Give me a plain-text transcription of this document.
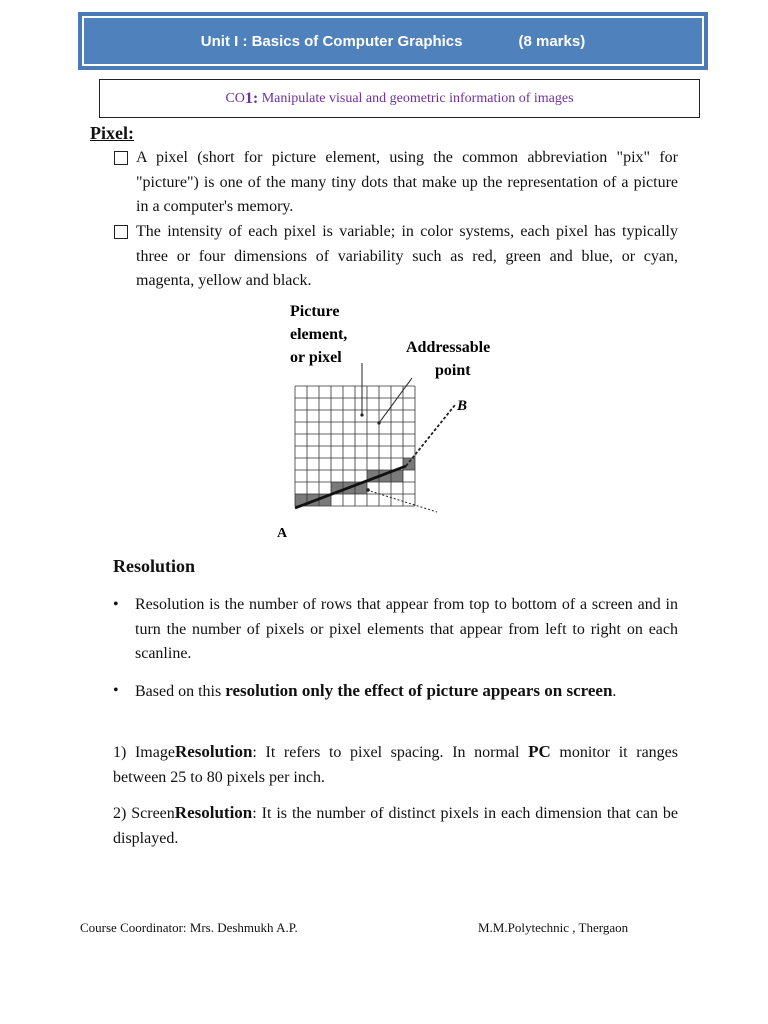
Unit I : Basics of Computer Graphics	(8 marks)
CO 1:
Manipulate visual and geometric information of images
Pixel:
A pixel (short for picture element, using the common abbreviation "pix" for "picture") is one of the many tiny dots that make up the representation of a picture in a computer's memory.
The intensity of each pixel is variable; in color systems, each pixel has typically three or four dimensions of variability such as red, green and blue, or cyan, magenta, yellow and black.
Picture
element,
or pixel
Addressable
point
B
A
Resolution
• Resolution is the number of rows that appear from top to bottom of a screen and in turn the number of pixels or pixel elements that appear from left to right on each scanline.
• Based on this resolution only the effect of picture appears on screen.
1) ImageResolution: It refers to pixel spacing. In normal PC monitor it ranges between 25 to 80 pixels per inch.
2) ScreenResolution: It is the number of distinct pixels in each dimension that can be displayed.
Course Coordinator: Mrs. Deshmukh A.P.	M.M.Polytechnic , Thergaon
